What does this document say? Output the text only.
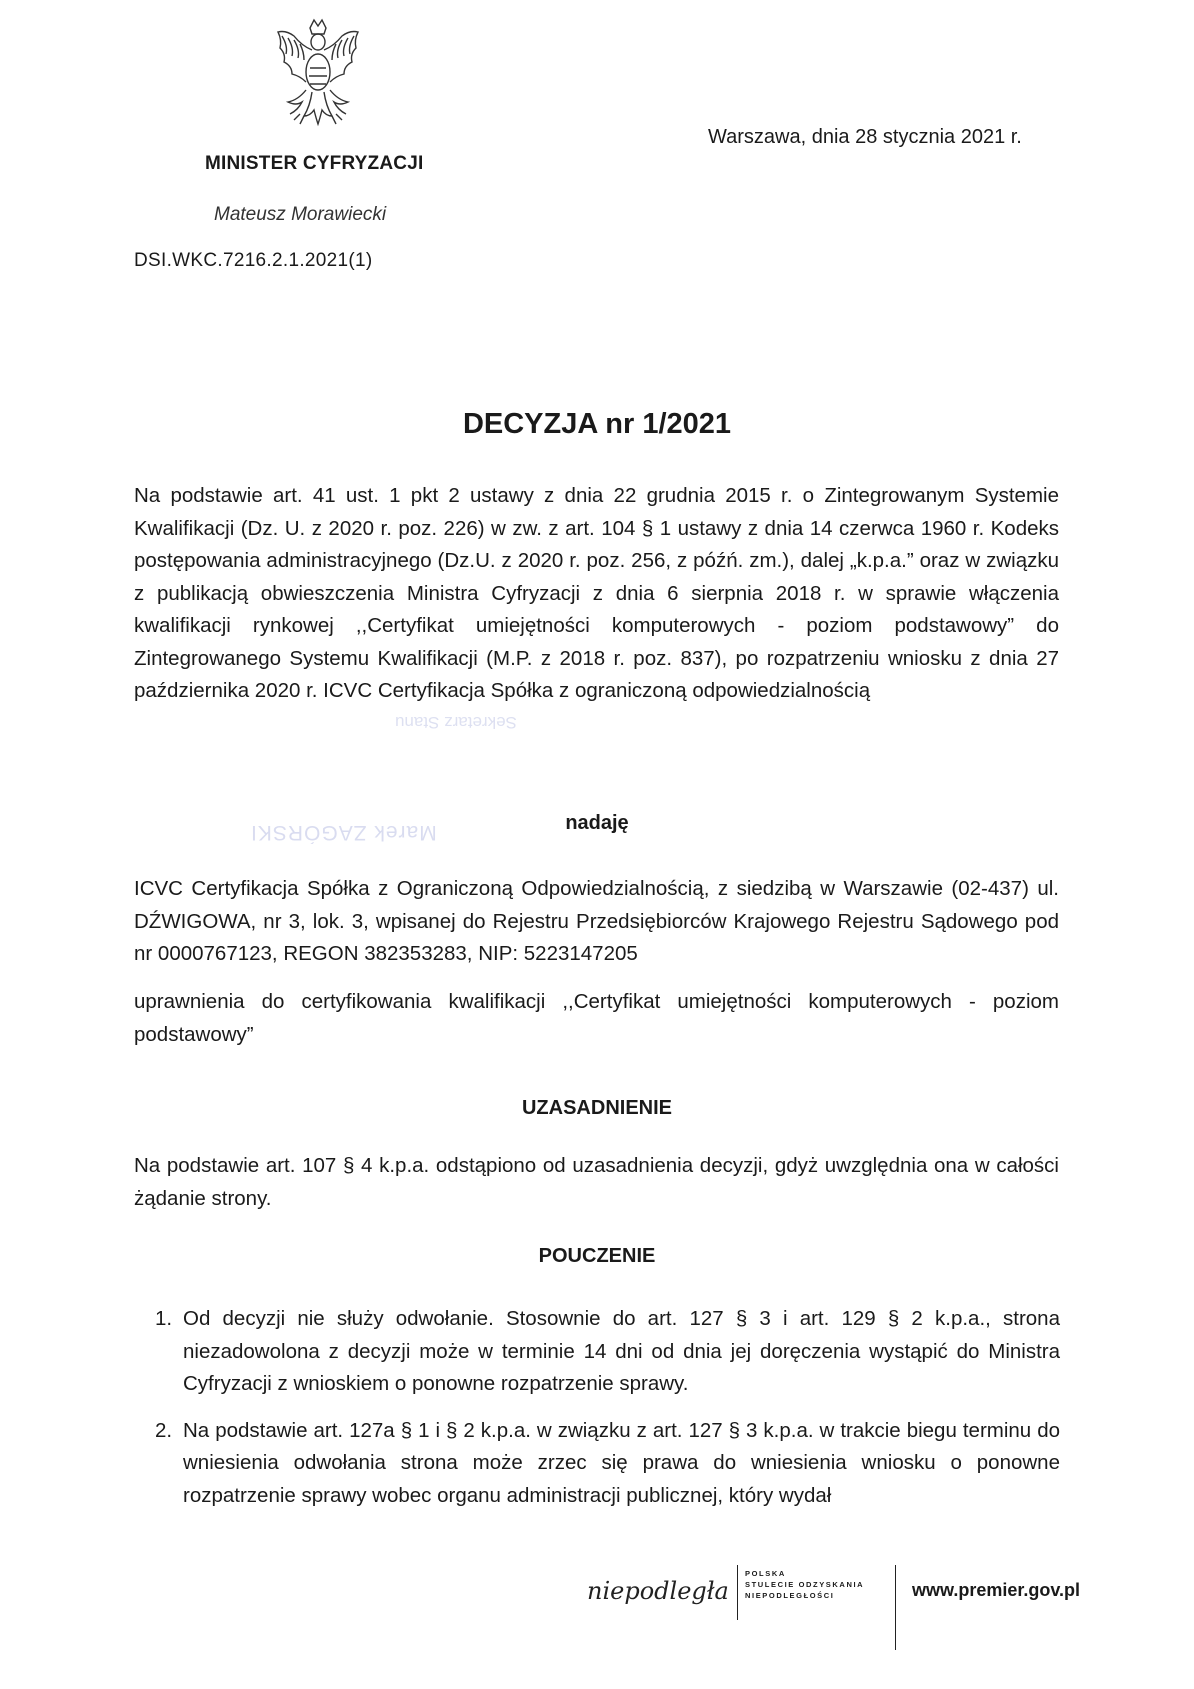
MINISTER CYFRYZACJI
Mateusz Morawiecki
DSI.WKC.7216.2.1.2021(1)
Warszawa, dnia 28 stycznia 2021 r.
DECYZJA nr 1/2021
Na podstawie art. 41 ust. 1 pkt 2 ustawy z dnia 22 grudnia 2015 r. o Zintegrowanym Systemie Kwalifikacji (Dz. U. z 2020 r. poz. 226) w zw. z art. 104 § 1 ustawy z dnia 14 czerwca 1960 r. Kodeks postępowania administracyjnego (Dz.U. z 2020 r. poz. 256, z późń. zm.), dalej „k.p.a.” oraz w związku z publikacją obwieszczenia Ministra Cyfryzacji z dnia 6 sierpnia 2018 r. w sprawie włączenia kwalifikacji rynkowej ,,Certyfikat umiejętności komputerowych - poziom podstawowy” do Zintegrowanego Systemu Kwalifikacji (M.P. z 2018 r. poz. 837), po rozpatrzeniu wniosku z dnia 27 października 2020 r. ICVC Certyfikacja Spółka z ograniczoną odpowiedzialnością
Sekretarz Stanu
Marek ZAGÓRSKI	nadaję
ICVC Certyfikacja Spółka z Ograniczoną Odpowiedzialnością, z siedzibą w Warszawie (02-437) ul. DŹWIGOWA, nr 3, lok. 3, wpisanej do Rejestru Przedsiębiorców Krajowego Rejestru Sądowego pod nr 0000767123, REGON 382353283, NIP: 5223147205
uprawnienia do certyfikowania kwalifikacji ,,Certyfikat umiejętności komputerowych - poziom podstawowy”
UZASADNIENIE
Na podstawie art. 107 § 4 k.p.a. odstąpiono od uzasadnienia decyzji, gdyż uwzględnia ona w całości żądanie strony.
POUCZENIE
1. Od decyzji nie służy odwołanie. Stosownie do art. 127 § 3 i art. 129 § 2 k.p.a., strona niezadowolona z decyzji może w terminie 14 dni od dnia jej doręczenia wystąpić do Ministra Cyfryzacji z wnioskiem o ponowne rozpatrzenie sprawy.
2. Na podstawie art. 127a § 1 i § 2 k.p.a. w związku z art. 127 § 3 k.p.a. w trakcie biegu terminu do wniesienia odwołania strona może zrzec się prawa do wniesienia wniosku o ponowne rozpatrzenie sprawy wobec organu administracji publicznej, który wydał
niepodległa
POLSKA
STULECIE ODZYSKANIA
NIEPODLEGŁOŚCI	www.premier.gov.pl
